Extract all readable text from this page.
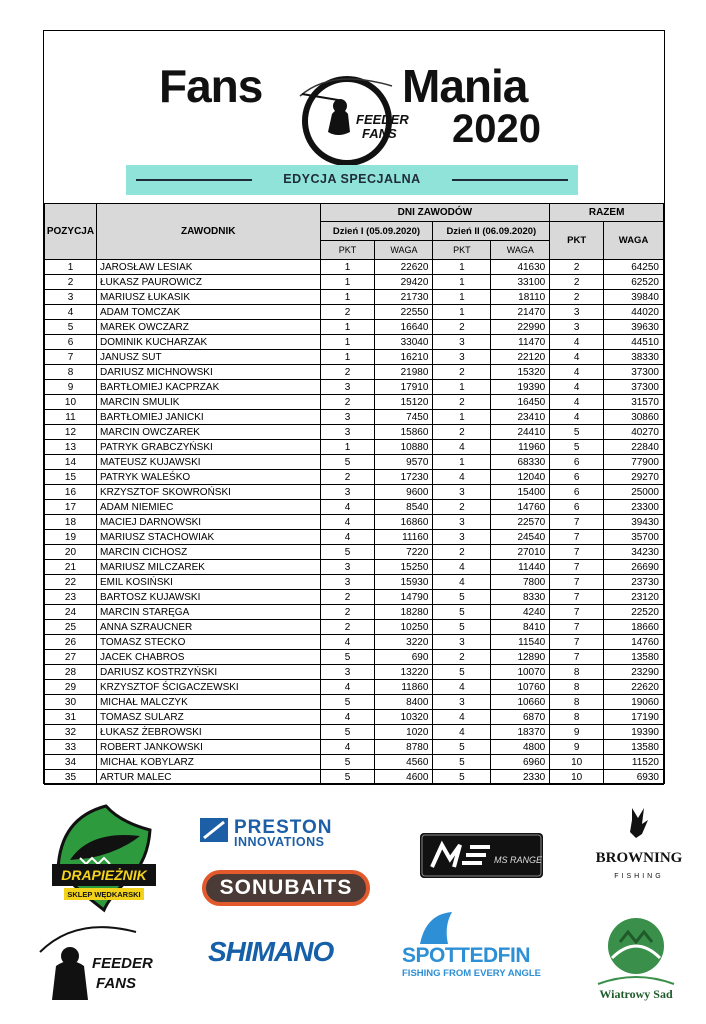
Fans
FEEDER
FANS
Mania
2020
EDYCJA SPECJALNA
POZYCJA	ZAWODNIK	DNI ZAWODÓW				RAZEM	
		Dzień I (05.09.2020)		Dzień II (06.09.2020)		PKT	WAGA
		PKT	WAGA	PKT	WAGA		
1	JAROSŁAW LESIAK	1	22620	1	41630	2	64250
2	ŁUKASZ PAUROWICZ	1	29420	1	33100	2	62520
3	MARIUSZ ŁUKASIK	1	21730	1	18110	2	39840
4	ADAM TOMCZAK	2	22550	1	21470	3	44020
5	MAREK OWCZARZ	1	16640	2	22990	3	39630
6	DOMINIK KUCHARZAK	1	33040	3	11470	4	44510
7	JANUSZ SUT	1	16210	3	22120	4	38330
8	DARIUSZ MICHNOWSKI	2	21980	2	15320	4	37300
9	BARTŁOMIEJ KACPRZAK	3	17910	1	19390	4	37300
10	MARCIN SMULIK	2	15120	2	16450	4	31570
11	BARTŁOMIEJ JANICKI	3	7450	1	23410	4	30860
12	MARCIN OWCZAREK	3	15860	2	24410	5	40270
13	PATRYK GRABCZYŃSKI	1	10880	4	11960	5	22840
14	MATEUSZ KUJAWSKI	5	9570	1	68330	6	77900
15	PATRYK WALEŚKO	2	17230	4	12040	6	29270
16	KRZYSZTOF SKOWROŃSKI	3	9600	3	15400	6	25000
17	ADAM NIEMIEC	4	8540	2	14760	6	23300
18	MACIEJ DARNOWSKI	4	16860	3	22570	7	39430
19	MARIUSZ STACHOWIAK	4	11160	3	24540	7	35700
20	MARCIN CICHOSZ	5	7220	2	27010	7	34230
21	MARIUSZ MILCZAREK	3	15250	4	11440	7	26690
22	EMIL KOSIŃSKI	3	15930	4	7800	7	23730
23	BARTOSZ KUJAWSKI	2	14790	5	8330	7	23120
24	MARCIN STARĘGA	2	18280	5	4240	7	22520
25	ANNA SZRAUCNER	2	10250	5	8410	7	18660
26	TOMASZ STECKO	4	3220	3	11540	7	14760
27	JACEK CHABROS	5	690	2	12890	7	13580
28	DARIUSZ KOSTRZYŃSKI	3	13220	5	10070	8	23290
29	KRZYSZTOF ŚCIGACZEWSKI	4	11860	4	10760	8	22620
30	MICHAŁ MALCZYK	5	8400	3	10660	8	19060
31	TOMASZ SULARZ	4	10320	4	6870	8	17190
32	ŁUKASZ ŻEBROWSKI	5	1020	4	18370	9	19390
33	ROBERT JANKOWSKI	4	8780	5	4800	9	13580
34	MICHAŁ KOBYLARZ	5	4560	5	6960	10	11520
35	ARTUR MALEC	5	4600	5	2330	10	6930
DRAPIEŻNIK
SKLEP WĘDKARSKI
PRESTON
INNOVATIONS
SONUBAITS
MS RANGE	BROWNING
FISHING
FEEDER
FANS
SHIMANO	SPOTTEDFIN
FISHING FROM EVERY ANGLE
Wiatrowy Sad
